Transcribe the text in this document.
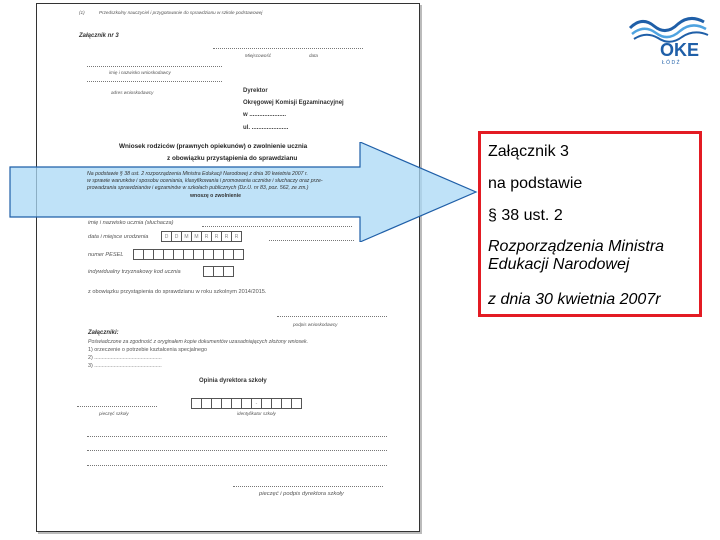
(1)	Przedszkolny nauczyciel i przygotowanie do sprawdzianu w szkole podstawowej
Załącznik nr 3
Miejscowość	data
imię i nazwisko wnioskodawcy
adres wnioskodawcy	Dyrektor
Okręgowej Komisji Egzaminacyjnej
w ......................
ul. ......................
Wniosek rodziców (prawnych opiekunów) o zwolnienie ucznia
z obowiązku przystąpienia do sprawdzianu
imię i nazwisko ucznia (słuchacza)
data i miejsce urodzenia	D	D	M	M	R	R	R	R
numer PESEL
indywidualny trzyznakowy kod ucznia
z obowiązku przystąpienia do sprawdzianu w roku szkolnym 2014/2015.
podpis wnioskodawcy
Załączniki:
Poświadczone za zgodność z oryginałem kopie dokumentów uzasadniających złożony wniosek.
1) orzeczenie o potrzebie kształcenia specjalnego
2) .............................................
3) .............................................
Opinia dyrektora szkoły
pieczęć szkoły
-
identyfikator szkoły
pieczęć i podpis dyrektora szkoły
Na podstawie § 38 ust. 2 rozporządzenia Ministra Edukacji Narodowej z dnia 30 kwietnia 2007 r.
w sprawie warunków i sposobu oceniania, klasyfikowania i promowania uczniów i słuchaczy oraz prze-
prowadzania sprawdzianów i egzaminów w szkołach publicznych (Dz.U. nr 83, poz. 562, ze zm.)
wnoszę o zwolnienie
OKE
Ł Ó D Ź

Załącznik 3

na podstawie

§ 38 ust. 2

Rozporządzenia Ministra

Edukacji Narodowej

z dnia 30 kwietnia 2007r
